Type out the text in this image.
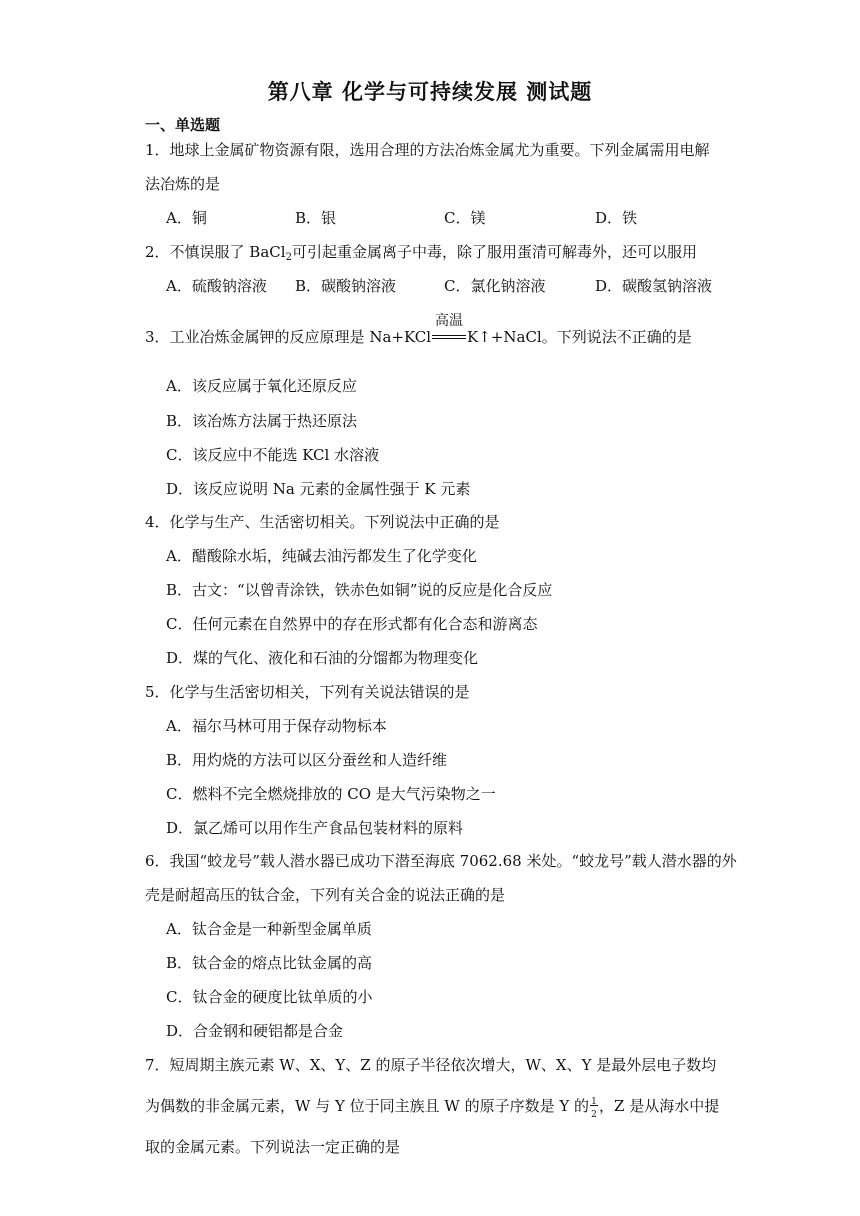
第八章 化学与可持续发展 测试题
一、单选题
1．地球上金属矿物资源有限，选用合理的方法冶炼金属尤为重要。下列金属需用电解
法冶炼的是
A．铜	B．银	C．镁	D．铁
2．不慎误服了 BaCl$_2$可引起重金属离子中毒，除了服用蛋清可解毒外，还可以服用
A．硫酸钠溶液 B．碳酸钠溶液	C．氯化钠溶液	D．碳酸氢钠溶液
3．工业冶炼金属钾的反应原理是 Na+KCl
高温
K↑+NaCl。下列说法不正确的是
A．该反应属于氧化还原反应
B．该冶炼方法属于热还原法
C．该反应中不能选 KCl 水溶液
D．该反应说明 Na 元素的金属性强于 K 元素
4．化学与生产、生活密切相关。下列说法中正确的是
A．醋酸除水垢，纯碱去油污都发生了化学变化
B．古文：“以曾青涂铁，铁赤色如铜”说的反应是化合反应
C．任何元素在自然界中的存在形式都有化合态和游离态
D．煤的气化、液化和石油的分馏都为物理变化
5．化学与生活密切相关，下列有关说法错误的是
A．福尔马林可用于保存动物标本
B．用灼烧的方法可以区分蚕丝和人造纤维
C．燃料不完全燃烧排放的 CO 是大气污染物之一
D．氯乙烯可以用作生产食品包装材料的原料
6．我国“蛟龙号”载人潜水器已成功下潜至海底 7062.68 米处。“蛟龙号”载人潜水器的外
壳是耐超高压的钛合金，下列有关合金的说法正确的是
A．钛合金是一种新型金属单质
B．钛合金的熔点比钛金属的高
C．钛合金的硬度比钛单质的小
D．合金钢和硬铝都是合金
7．短周期主族元素 W、X、Y、Z 的原子半径依次增大，W、X、Y 是最外层电子数均
为偶数的非金属元素，W 与 Y 位于同主族且 W 的原子序数是 Y 的 1
2 ，Z 是从海水中提
取的金属元素。下列说法一定正确的是
